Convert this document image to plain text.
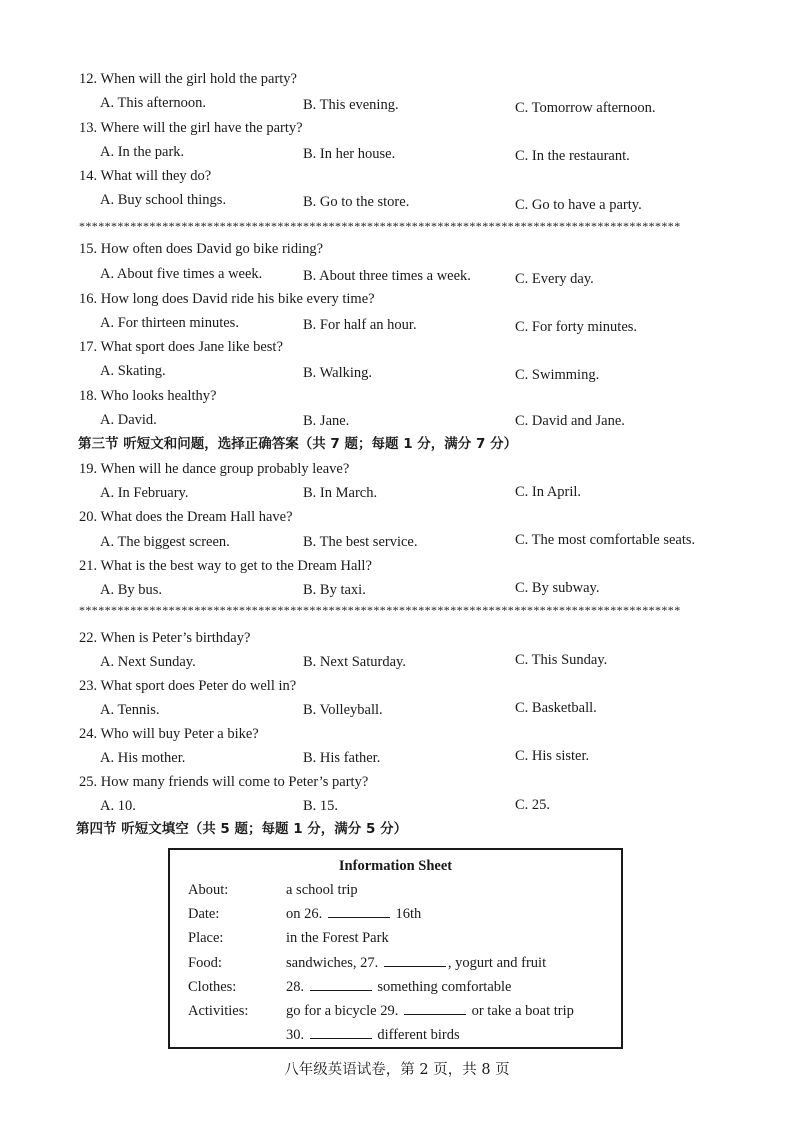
12. When will the girl hold the party?
A. This afternoon.	B. This evening.	C. Tomorrow afternoon.
13. Where will the girl have the party?
A. In the park.	B. In her house.	C. In the restaurant.
14. What will they do?
A. Buy school things.	B. Go to the store.	C. Go to have a party.
**********************************************************************************************
15. How often does David go bike riding?
A. About five times a week.	B. About three times a week.	C. Every day.
16. How long does David ride his bike every time?
A. For thirteen minutes.	B. For half an hour.	C. For forty minutes.
17. What sport does Jane like best?
A. Skating.	B. Walking.	C. Swimming.
18. Who looks healthy?
A. David.	B. Jane.	C. David and Jane.
第三节 听短文和问题，选择正确答案（共 7 题；每题 1 分，满分 7 分）
19. When will he dance group probably leave?
A. In February.	B. In March.	C. In April.
20. What does the Dream Hall have?
A. The biggest screen.	B. The best service.	C. The most comfortable seats.
21. What is the best way to get to the Dream Hall?
A. By bus.	B. By taxi.	C. By subway.
**********************************************************************************************
22. When is Peter’s birthday?
A. Next Sunday.	B. Next Saturday.	C. This Sunday.
23. What sport does Peter do well in?
A. Tennis.	B. Volleyball.	C. Basketball.
24. Who will buy Peter a bike?
A. His mother.	B. His father.	C. His sister.
25. How many friends will come to Peter’s party?
A. 10.	B. 15.	C. 25.
第四节 听短文填空（共 5 题；每题 1 分，满分 5 分）
Information Sheet
About:	a school trip
Date:	on 26.	16th
Place:	in the Forest Park
Food:	sandwiches, 27.	, yogurt and fruit
Clothes:	28.	something comfortable
Activities:	go for a bicycle 29.	or take a boat trip
30.	different birds
八年级英语试卷，第 2 页，共 8 页
